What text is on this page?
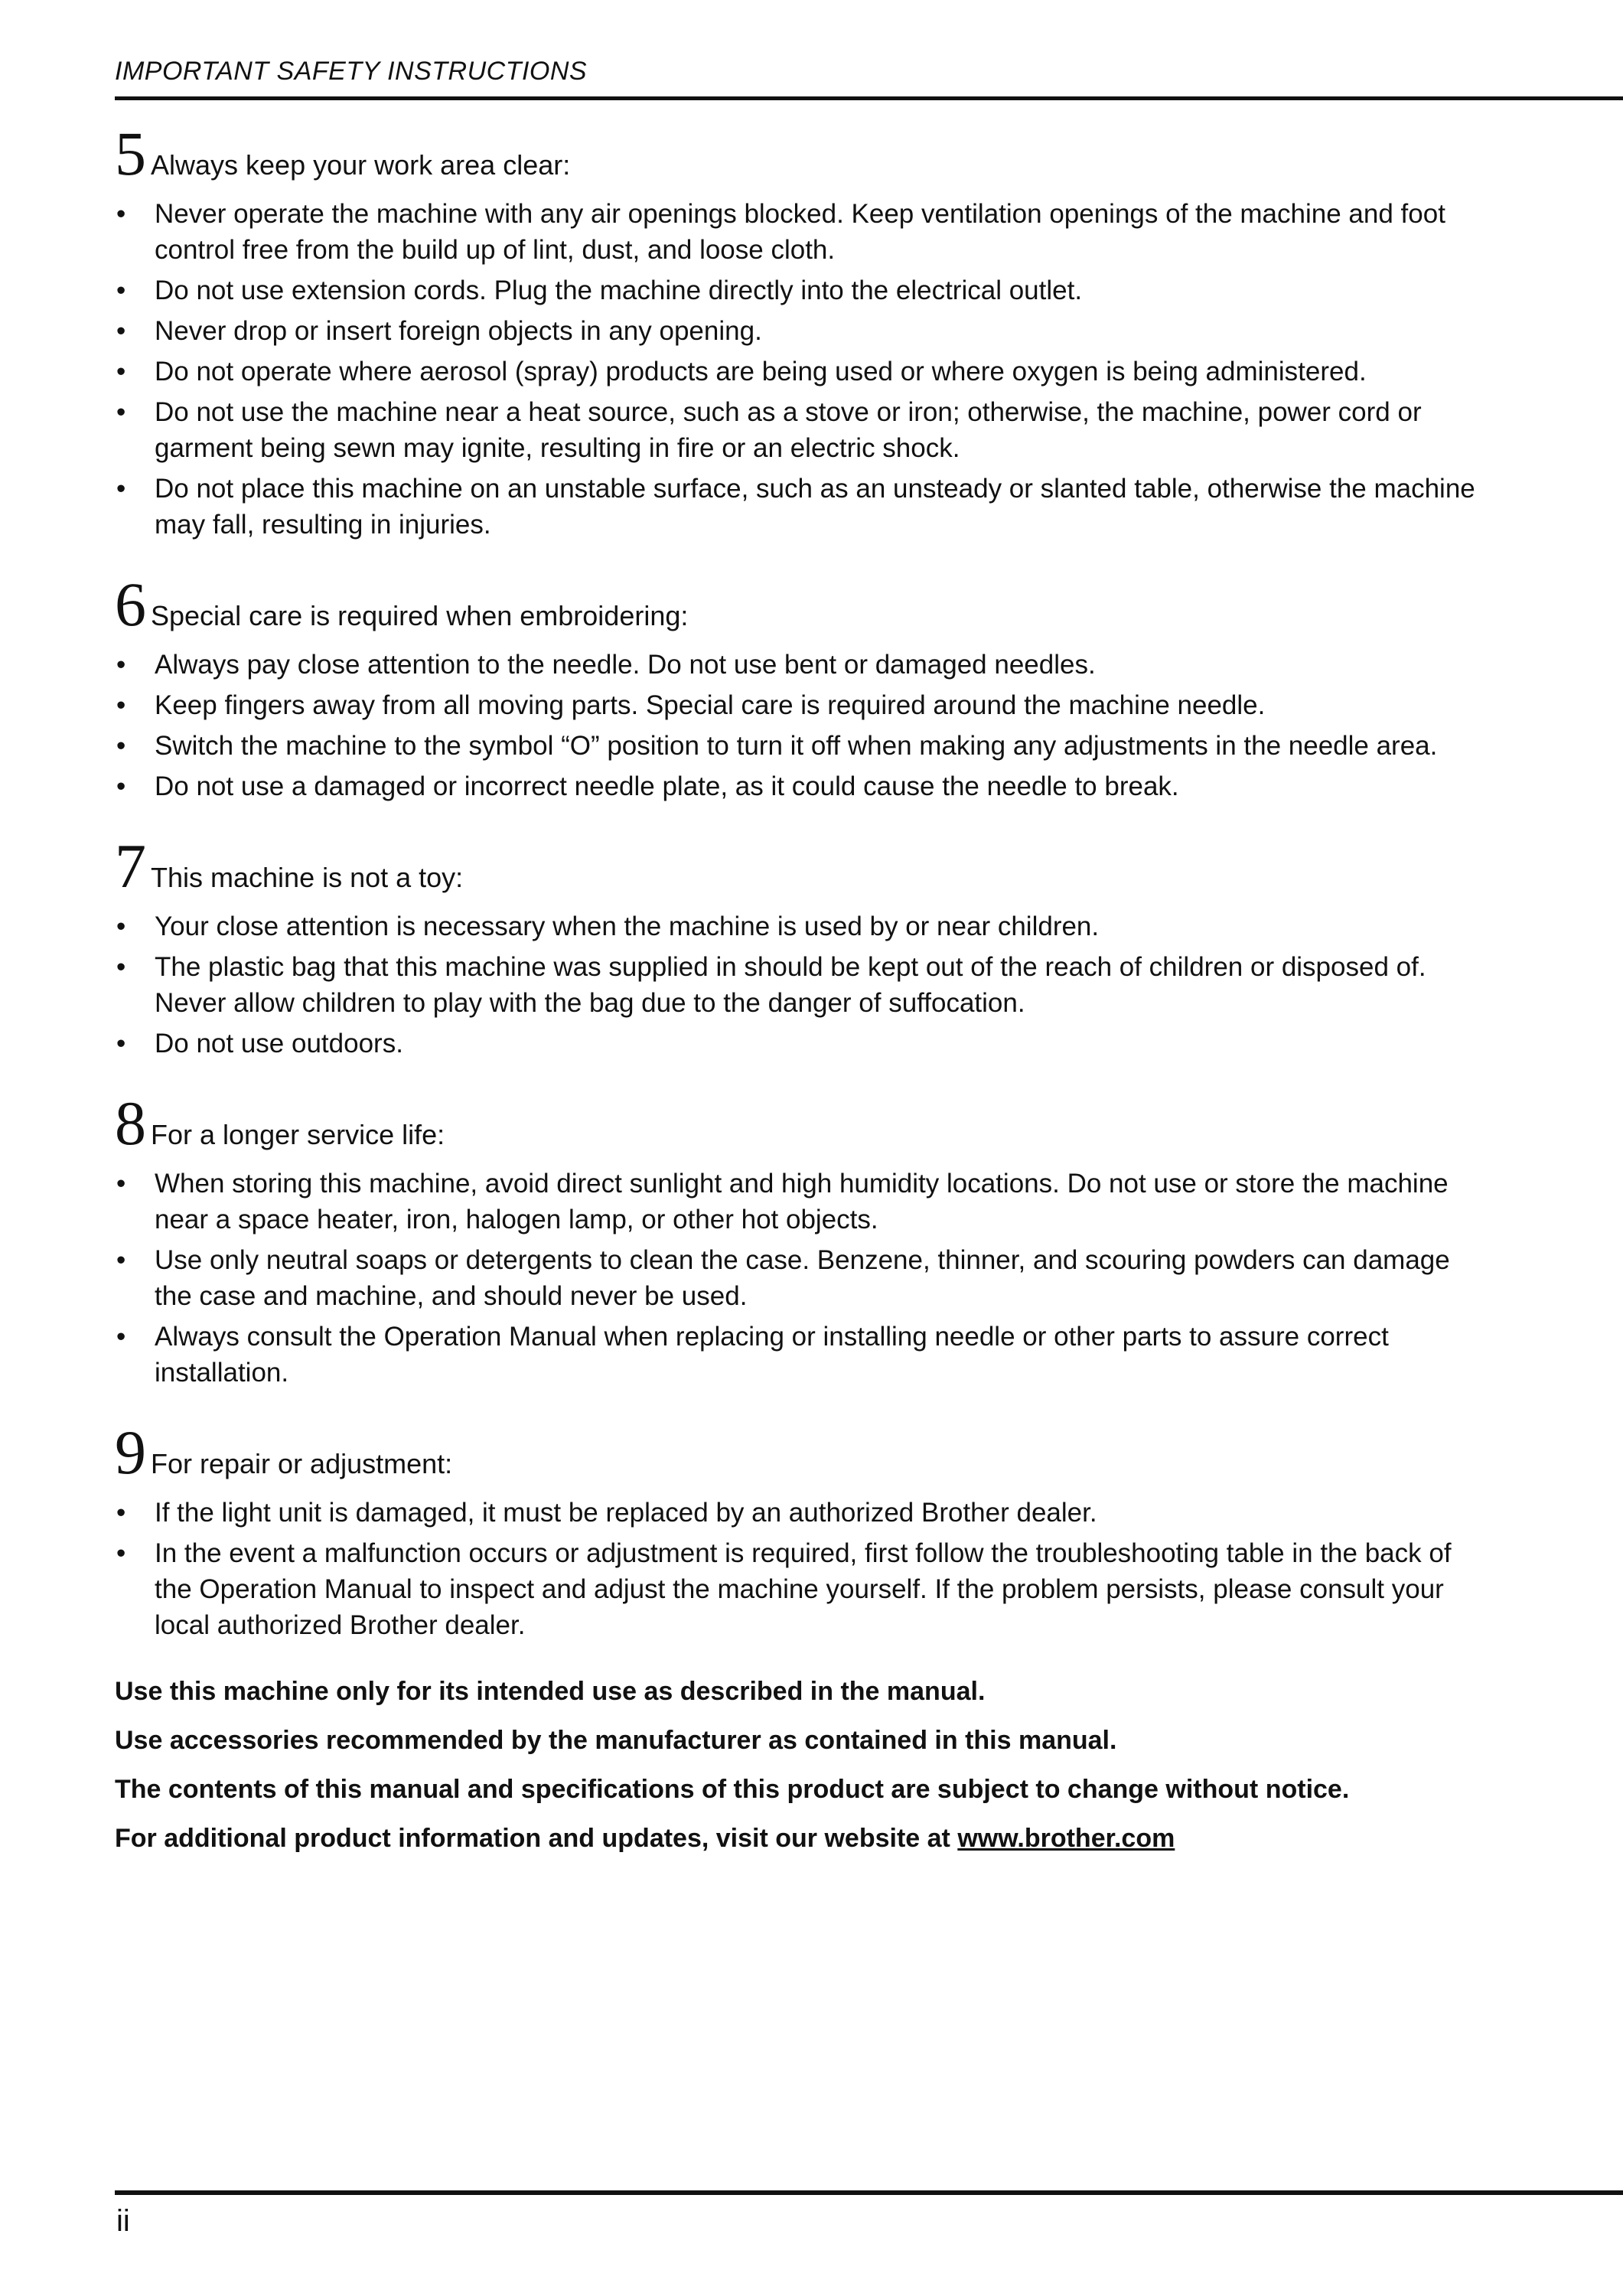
IMPORTANT SAFETY INSTRUCTIONS
5 Always keep your work area clear:
• Never operate the machine with any air openings blocked. Keep ventilation openings of the machine and foot control free from the build up of lint, dust, and loose cloth.
• Do not use extension cords. Plug the machine directly into the electrical outlet.
• Never drop or insert foreign objects in any opening.
• Do not operate where aerosol (spray) products are being used or where oxygen is being administered.
• Do not use the machine near a heat source, such as a stove or iron; otherwise, the machine, power cord or garment being sewn may ignite, resulting in fire or an electric shock.
• Do not place this machine on an unstable surface, such as an unsteady or slanted table, otherwise the machine may fall, resulting in injuries.
6 Special care is required when embroidering:
• Always pay close attention to the needle. Do not use bent or damaged needles.
• Keep fingers away from all moving parts. Special care is required around the machine needle.
• Switch the machine to the symbol “O” position to turn it off when making any adjustments in the needle area.
• Do not use a damaged or incorrect needle plate, as it could cause the needle to break.
7 This machine is not a toy:
• Your close attention is necessary when the machine is used by or near children.
• The plastic bag that this machine was supplied in should be kept out of the reach of children or disposed of. Never allow children to play with the bag due to the danger of suffocation.
• Do not use outdoors.
8 For a longer service life:
• When storing this machine, avoid direct sunlight and high humidity locations. Do not use or store the machine near a space heater, iron, halogen lamp, or other hot objects.
• Use only neutral soaps or detergents to clean the case. Benzene, thinner, and scouring powders can damage the case and machine, and should never be used.
• Always consult the Operation Manual when replacing or installing needle or other parts to assure correct installation.
9 For repair or adjustment:
• If the light unit is damaged, it must be replaced by an authorized Brother dealer.
• In the event a malfunction occurs or adjustment is required, first follow the troubleshooting table in the back of the Operation Manual to inspect and adjust the machine yourself. If the problem persists, please consult your local authorized Brother dealer.
Use this machine only for its intended use as described in the manual.
Use accessories recommended by the manufacturer as contained in this manual.
The contents of this manual and specifications of this product are subject to change without notice.
For additional product information and updates, visit our website at www.brother.com
ii
